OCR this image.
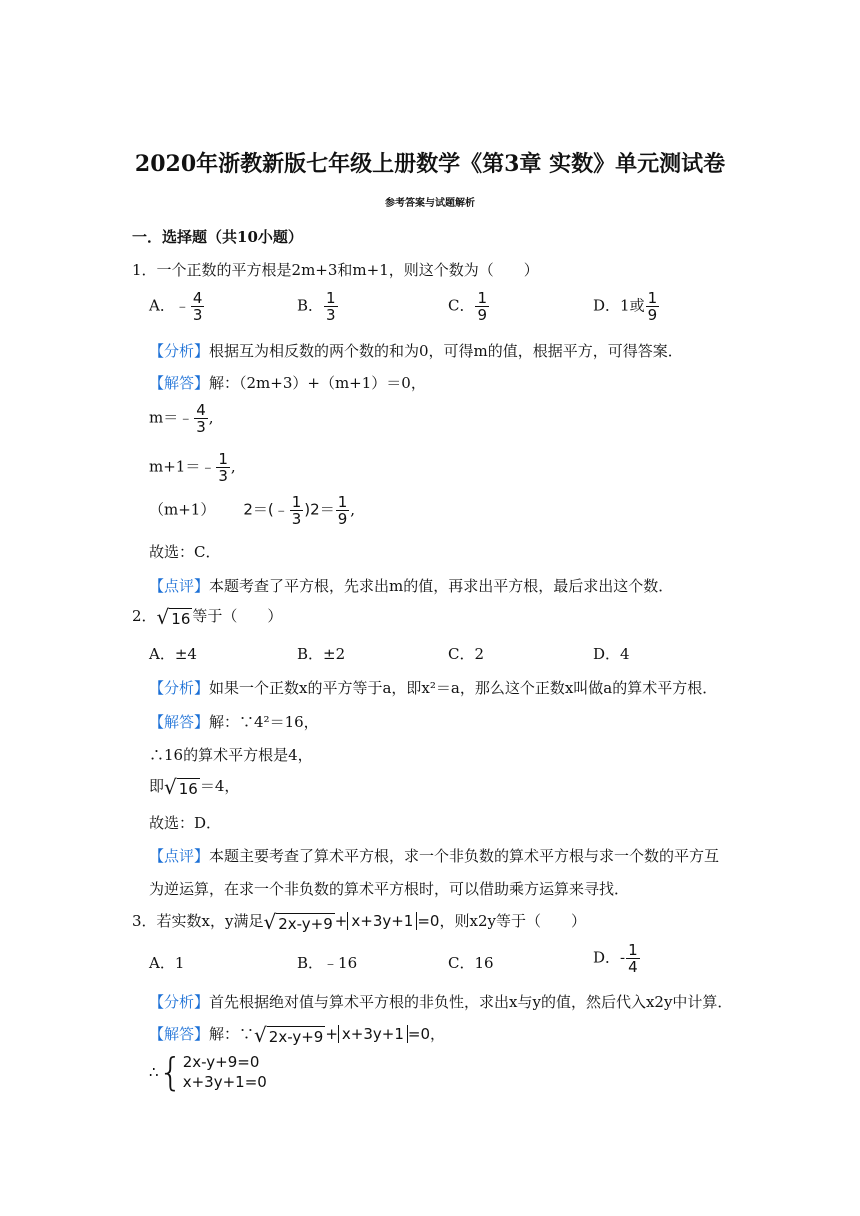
2020年浙教新版七年级上册数学《第3章 实数》单元测试卷
参考答案与试题解析
一．选择题（共10小题）
1．一个正数的平方根是2m+3和m+1，则这个数为（　　）
A．﹣ $\frac{4}{3}$	B． $\frac{1}{3}$	C． $\frac{1}{9}$	D．1或 $\frac{1}{9}$
【分析】根据互为相反数的两个数的和为0，可得m的值，根据平方，可得答案．
【解答】解：（2m+3）+（m+1）＝0，
m＝﹣ $\frac{4}{3}$ ,
m+1＝﹣ $\frac{1}{3}$ ,
（m+1） 2＝(﹣ $\frac{1}{3} )2= \frac{1}{9}$ ,
故选：C．
【点评】本题考查了平方根，先求出m的值，再求出平方根，最后求出这个数．
2． √ 16 等于（　　）
A．±4	B．±2	C．2	D．4
【分析】如果一个正数x的平方等于a，即x²＝a，那么这个正数x叫做a的算术平方根．
【解答】解：∵4²＝16，
∴16的算术平方根是4，
即 √ 16 ＝4，
故选：D．
【点评】本题主要考查了算术平方根，求一个非负数的算术平方根与求一个数的平方互
为逆运算，在求一个非负数的算术平方根时，可以借助乘方运算来寻找．
3．若实数x，y满足 √ 2x-y+9 + x+3y+1 =0，则x2y等于（　　）
A．1	B．﹣16	C．16	D．- $\frac{1}{4}$
【分析】首先根据绝对值与算术平方根的非负性，求出x与y的值，然后代入x2y中计算．
【解答】解：∵ √ 2x-y+9 + x+3y+1 =0，
∴ { 2x-y+9=0
x+3y+1=0
